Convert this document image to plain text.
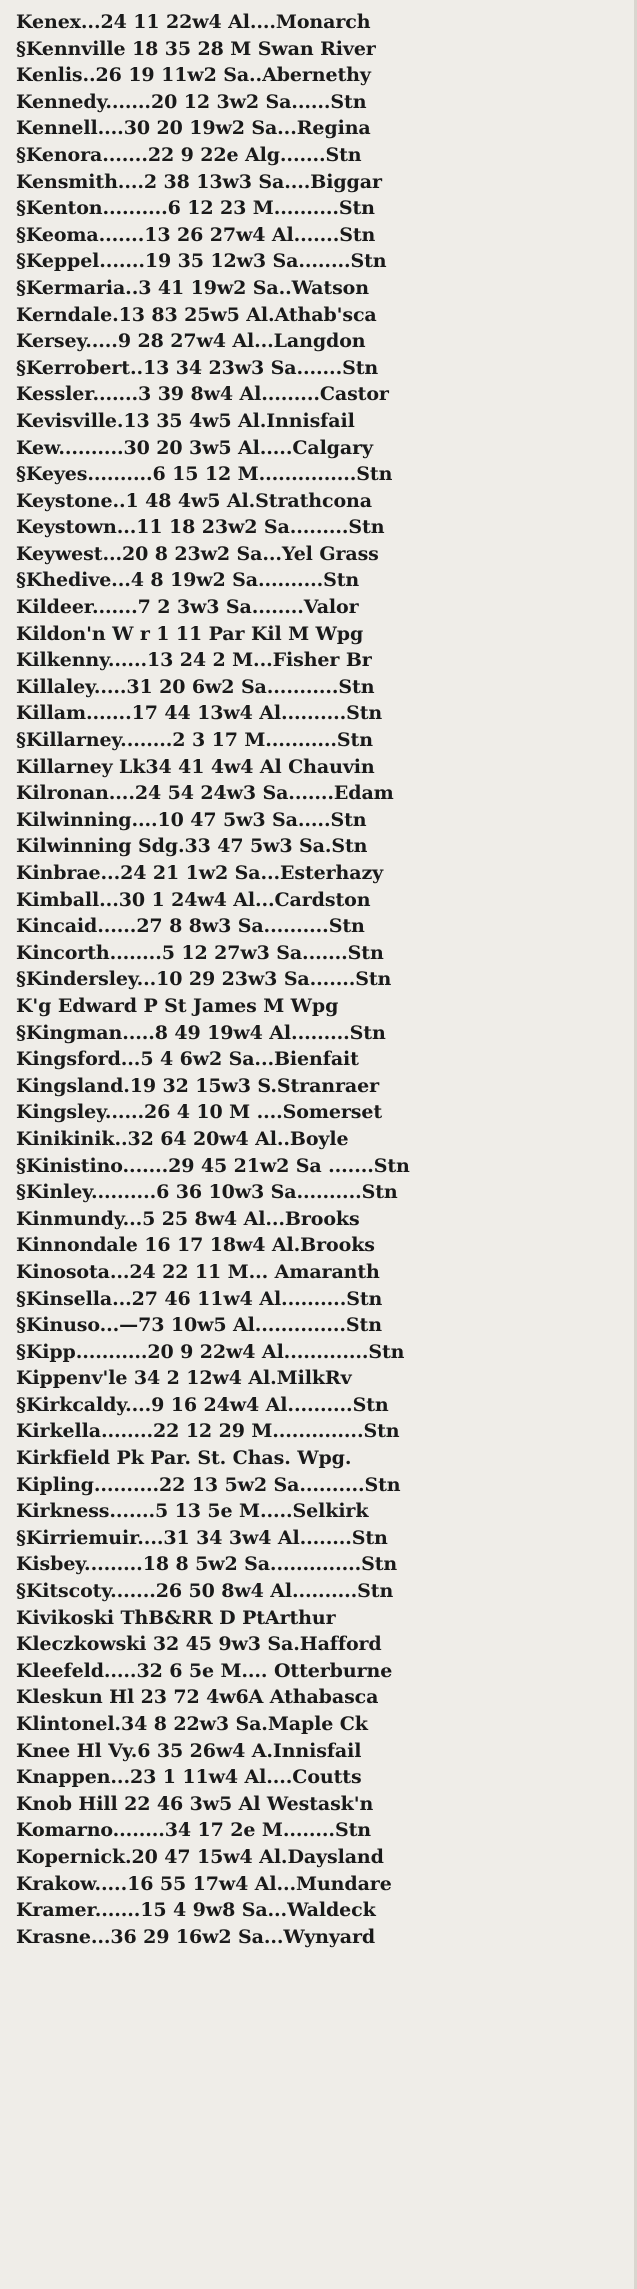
Kenex...24 11 22w4 Al....Monarch
§Kennville 18 35 28 M Swan River
Kenlis..26 19 11w2 Sa..Abernethy
Kennedy.......20 12 3w2 Sa......Stn
Kennell....30 20 19w2 Sa...Regina
§Kenora.......22 9 22e Alg.......Stn
Kensmith....2 38 13w3 Sa....Biggar
§Kenton..........6 12 23 M..........Stn
§Keoma.......13 26 27w4 Al.......Stn
§Keppel.......19 35 12w3 Sa........Stn
§Kermaria..3 41 19w2 Sa..Watson
Kerndale.13 83 25w5 Al.Athab'sca
Kersey.....9 28 27w4 Al...Langdon
§Kerrobert..13 34 23w3 Sa.......Stn
Kessler.......3 39 8w4 Al.........Castor
Kevisville.13 35 4w5 Al.Innisfail
Kew..........30 20 3w5 Al.....Calgary
§Keyes..........6 15 12 M...............Stn
Keystone..1 48 4w5 Al.Strathcona
Keystown...11 18 23w2 Sa.........Stn
Keywest...20 8 23w2 Sa...Yel Grass
§Khedive...4 8 19w2 Sa..........Stn
Kildeer.......7 2 3w3 Sa........Valor
Kildon'n W r 1 11 Par Kil M Wpg
Kilkenny......13 24 2 M...Fisher Br
Killaley.....31 20 6w2 Sa...........Stn
Killam.......17 44 13w4 Al..........Stn
§Killarney........2 3 17 M...........Stn
Killarney Lk34 41 4w4 Al Chauvin
Kilronan....24 54 24w3 Sa.......Edam
Kilwinning....10 47 5w3 Sa.....Stn
Kilwinning Sdg.33 47 5w3 Sa.Stn
Kinbrae...24 21 1w2 Sa...Esterhazy
Kimball...30 1 24w4 Al...Cardston
Kincaid......27 8 8w3 Sa..........Stn
Kincorth........5 12 27w3 Sa.......Stn
§Kindersley...10 29 23w3 Sa.......Stn
K'g Edward P St James M Wpg
§Kingman.....8 49 19w4 Al.........Stn
Kingsford...5 4 6w2 Sa...Bienfait
Kingsland.19 32 15w3 S.Stranraer
Kingsley......26 4 10 M ....Somerset
Kinikinik..32 64 20w4 Al..Boyle
§Kinistino.......29 45 21w2 Sa .......Stn
§Kinley..........6 36 10w3 Sa..........Stn
Kinmundy...5 25 8w4 Al...Brooks
Kinnondale 16 17 18w4 Al.Brooks
Kinosota...24 22 11 M... Amaranth
§Kinsella...27 46 11w4 Al..........Stn
§Kinuso...—73 10w5 Al..............Stn
§Kipp...........20 9 22w4 Al.............Stn
Kippenv'le 34 2 12w4 Al.MilkRv
§Kirkcaldy....9 16 24w4 Al..........Stn
Kirkella........22 12 29 M..............Stn
Kirkfield Pk Par. St. Chas. Wpg.
Kipling..........22 13 5w2 Sa..........Stn
Kirkness.......5 13 5e M.....Selkirk
§Kirriemuir....31 34 3w4 Al........Stn
Kisbey.........18 8 5w2 Sa..............Stn
§Kitscoty.......26 50 8w4 Al..........Stn
Kivikoski ThB&RR D PtArthur
Kleczkowski 32 45 9w3 Sa.Hafford
Kleefeld.....32 6 5e M.... Otterburne
Kleskun Hl 23 72 4w6A Athabasca
Klintonel.34 8 22w3 Sa.Maple Ck
Knee Hl Vy.6 35 26w4 A.Innisfail
Knappen...23 1 11w4 Al....Coutts
Knob Hill 22 46 3w5 Al Westask'n
Komarno........34 17 2e M........Stn
Kopernick.20 47 15w4 Al.Daysland
Krakow.....16 55 17w4 Al...Mundare
Kramer.......15 4 9w8 Sa...Waldeck
Krasne...36 29 16w2 Sa...Wynyard
